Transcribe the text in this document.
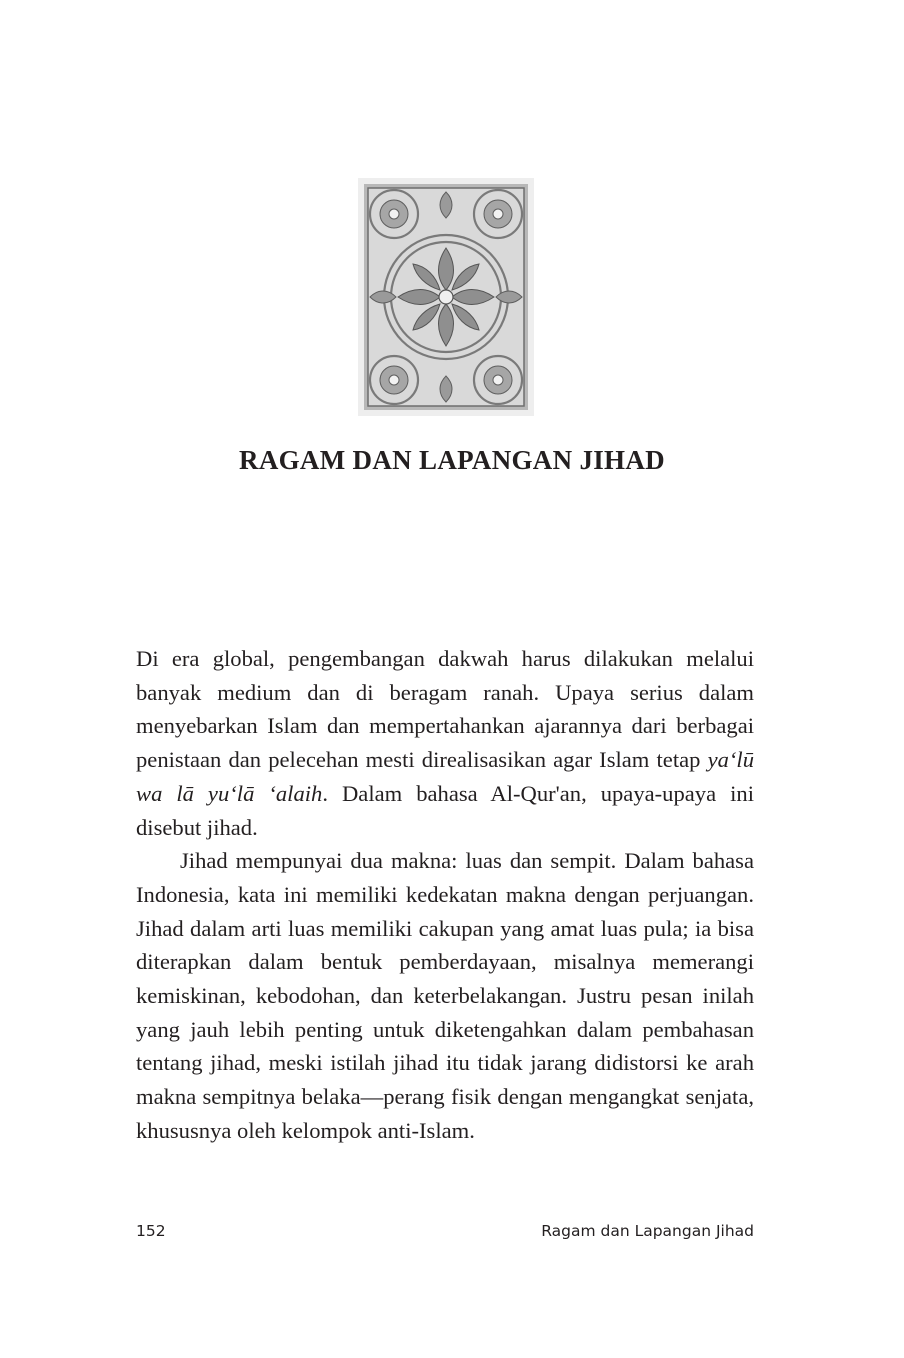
RAGAM DAN LAPANGAN JIHAD

Di era global, pengembangan dakwah harus dilakukan melalui banyak medium dan di beragam ranah. Upaya serius dalam menyebarkan Islam dan mempertahankan ajarannya dari berbagai penistaan dan pelecehan mesti direalisasikan agar Islam tetap ya‘lū wa lā yu‘lā ‘alaih. Dalam bahasa Al-Qur'an, upaya-upaya ini disebut jihad.

Jihad mempunyai dua makna: luas dan sempit. Dalam bahasa Indonesia, kata ini memiliki kedekatan makna dengan perjuangan. Jihad dalam arti luas memiliki cakupan yang amat luas pula; ia bisa diterapkan dalam bentuk pemberdayaan, misalnya memerangi kemiskinan, kebodohan, dan keterbelakangan. Justru pesan inilah yang jauh lebih penting untuk diketengahkan dalam pembahasan tentang jihad, meski istilah jihad itu tidak jarang didistorsi ke arah makna sempitnya belaka—perang fisik dengan mengangkat senjata, khususnya oleh kelompok anti-Islam.

152	Ragam dan Lapangan Jihad
